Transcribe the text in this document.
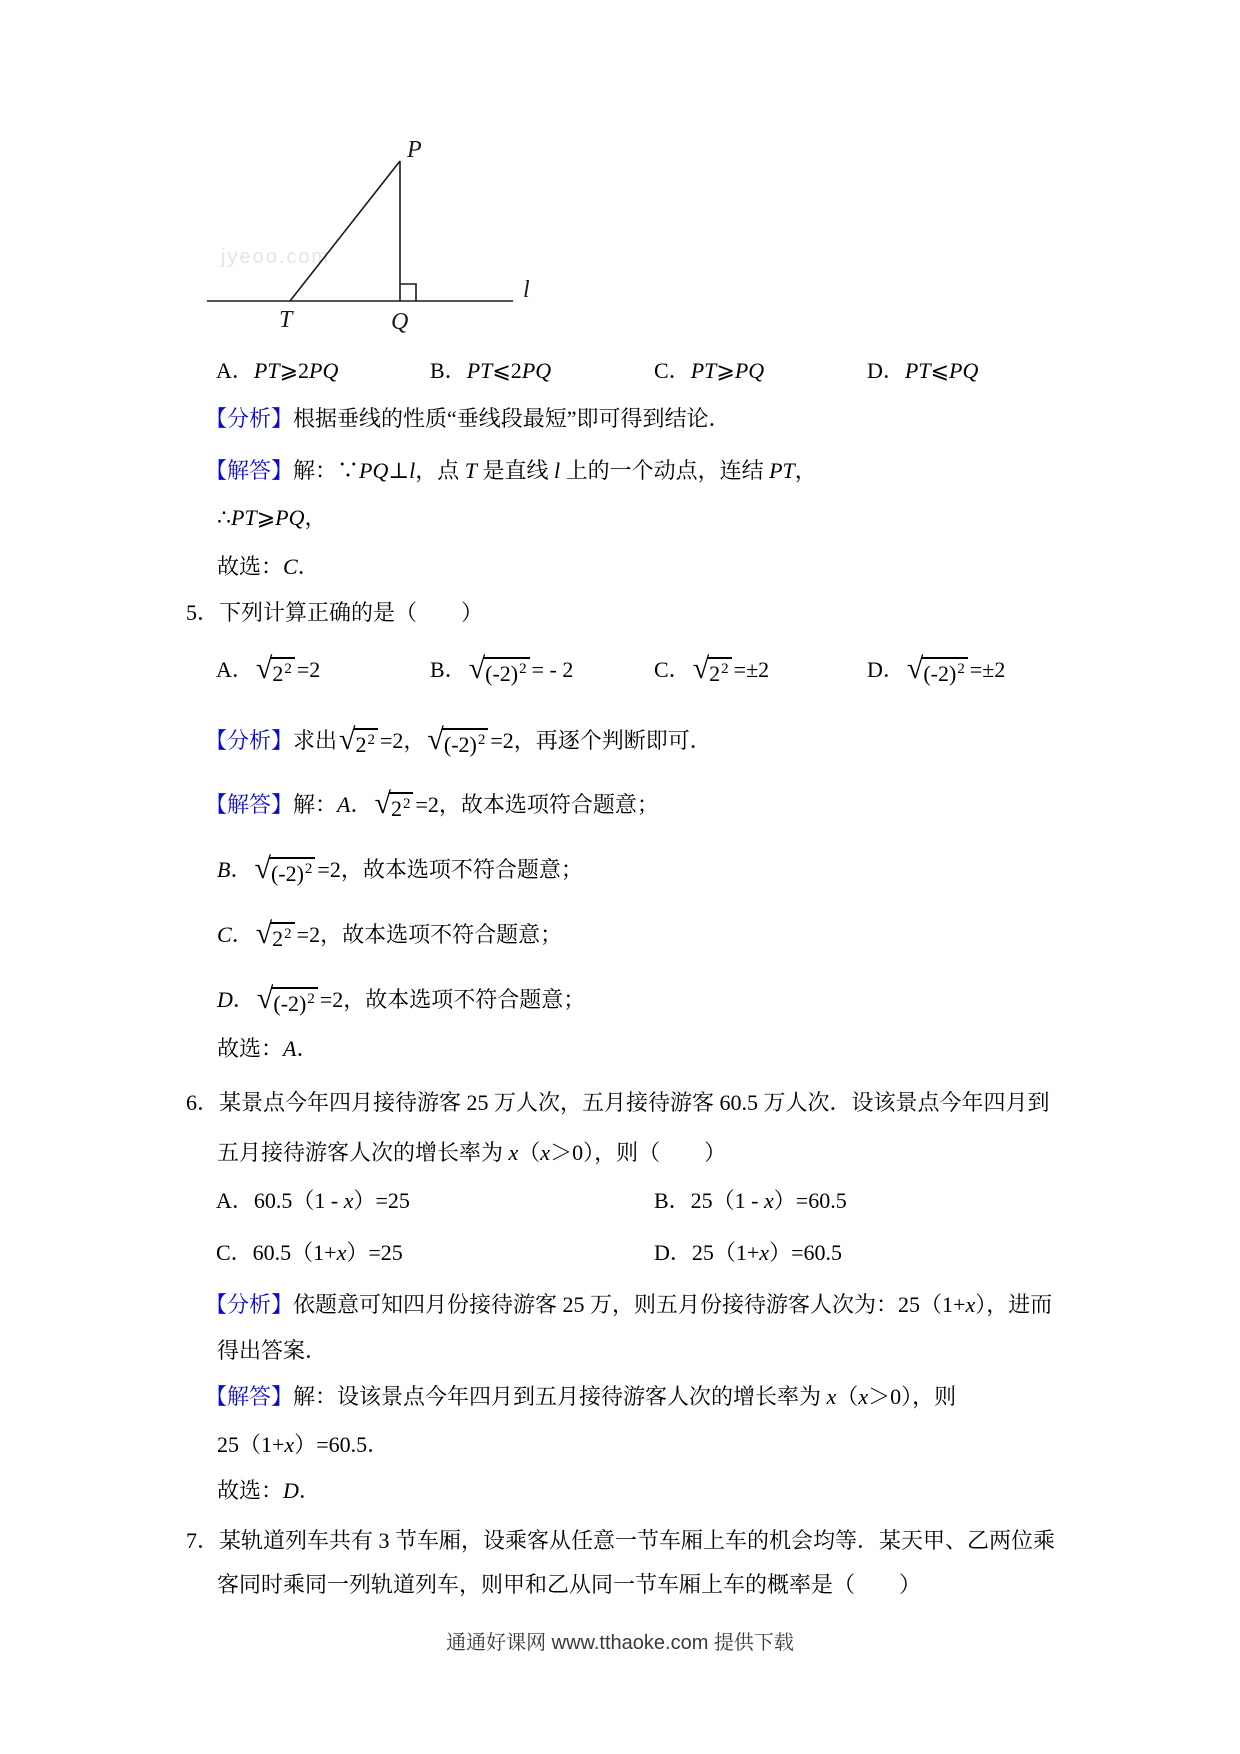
jyeoo.com
P
T	Q
l
A．PT⩾2PQ	B．PT⩽2PQ	C．PT⩾PQ	D．PT⩽PQ
【分析】根据垂线的性质“垂线段最短”即可得到结论．
【解答】解：∵PQ⊥l，点 T 是直线 l 上的一个动点，连结 PT，
∴PT⩾PQ，
故选：C．
5．下列计算正确的是（　　）
A． √ $2^2 =2$	B． √ $(-2)^2$ = - 2	C． √ $2^2 =\pm 2$	D． √ $(-2)^2 =\pm 2$
【分析】求出 √ $2^2 =2$， √ $(-2)^2 =2$，再逐个判断即可．
【解答】解：A． √ $2^2 =2$，故本选项符合题意；
B． √ $(-2)^2 =2$，故本选项不符合题意；
C． √ $2^2 =2$，故本选项不符合题意；
D． √ $(-2)^2 =2$，故本选项不符合题意；
故选：A．
6．某景点今年四月接待游客 25 万人次，五月接待游客 60.5 万人次．设该景点今年四月到
五月接待游客人次的增长率为 x（x＞0），则（　　）
A．60.5（1 - x）=25	B．25（1 - x）=60.5
C．60.5（1+x）=25	D．25（1+x）=60.5
【分析】依题意可知四月份接待游客 25 万，则五月份接待游客人次为：25（1+x），进而
得出答案．
【解答】解：设该景点今年四月到五月接待游客人次的增长率为 x（x＞0），则
25（1+x）=60.5．
故选：D．
7．某轨道列车共有 3 节车厢，设乘客从任意一节车厢上车的机会均等．某天甲、乙两位乘
客同时乘同一列轨道列车，则甲和乙从同一节车厢上车的概率是（　　）
通通好课网 www.tthaoke.com 提供下载
